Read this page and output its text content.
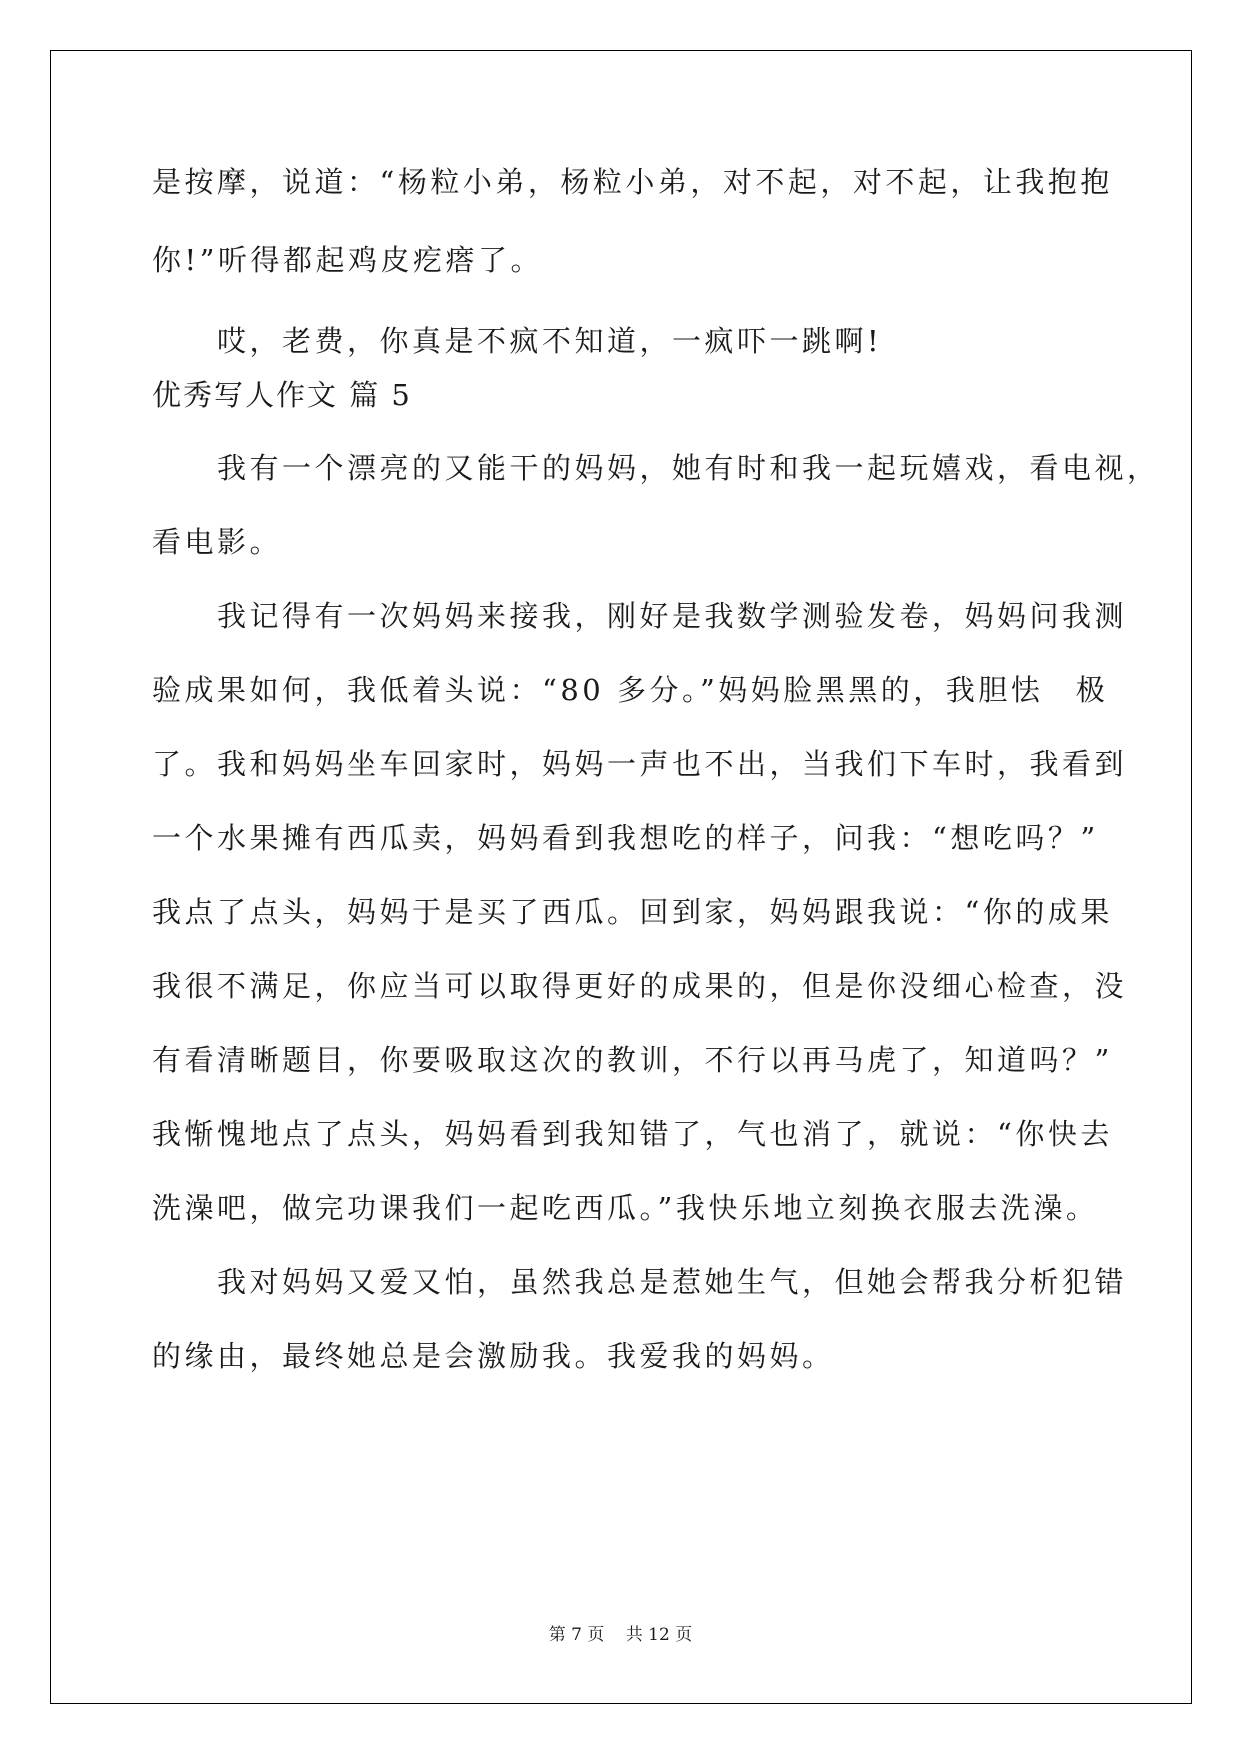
是按摩，说道：“杨粒小弟，杨粒小弟，对不起，对不起，让我抱抱
你!”听得都起鸡皮疙瘩了。
　　哎，老费，你真是不疯不知道，一疯吓一跳啊!
优秀写人作文 篇 5
　　我有一个漂亮的又能干的妈妈，她有时和我一起玩嬉戏，看电视，
看电影。
　　我记得有一次妈妈来接我，刚好是我数学测验发卷，妈妈问我测
验成果如何，我低着头说：“80 多分。”妈妈脸黑黑的，我胆怯　极
了。我和妈妈坐车回家时，妈妈一声也不出，当我们下车时，我看到
一个水果摊有西瓜卖，妈妈看到我想吃的样子，问我：“想吃吗？”
我点了点头，妈妈于是买了西瓜。回到家，妈妈跟我说：“你的成果
我很不满足，你应当可以取得更好的成果的，但是你没细心检查，没
有看清晰题目，你要吸取这次的教训，不行以再马虎了，知道吗？”
我惭愧地点了点头，妈妈看到我知错了，气也消了，就说：“你快去
洗澡吧，做完功课我们一起吃西瓜。”我快乐地立刻换衣服去洗澡。
　　我对妈妈又爱又怕，虽然我总是惹她生气，但她会帮我分析犯错
的缘由，最终她总是会激励我。我爱我的妈妈。
第 7 页 共 12 页
